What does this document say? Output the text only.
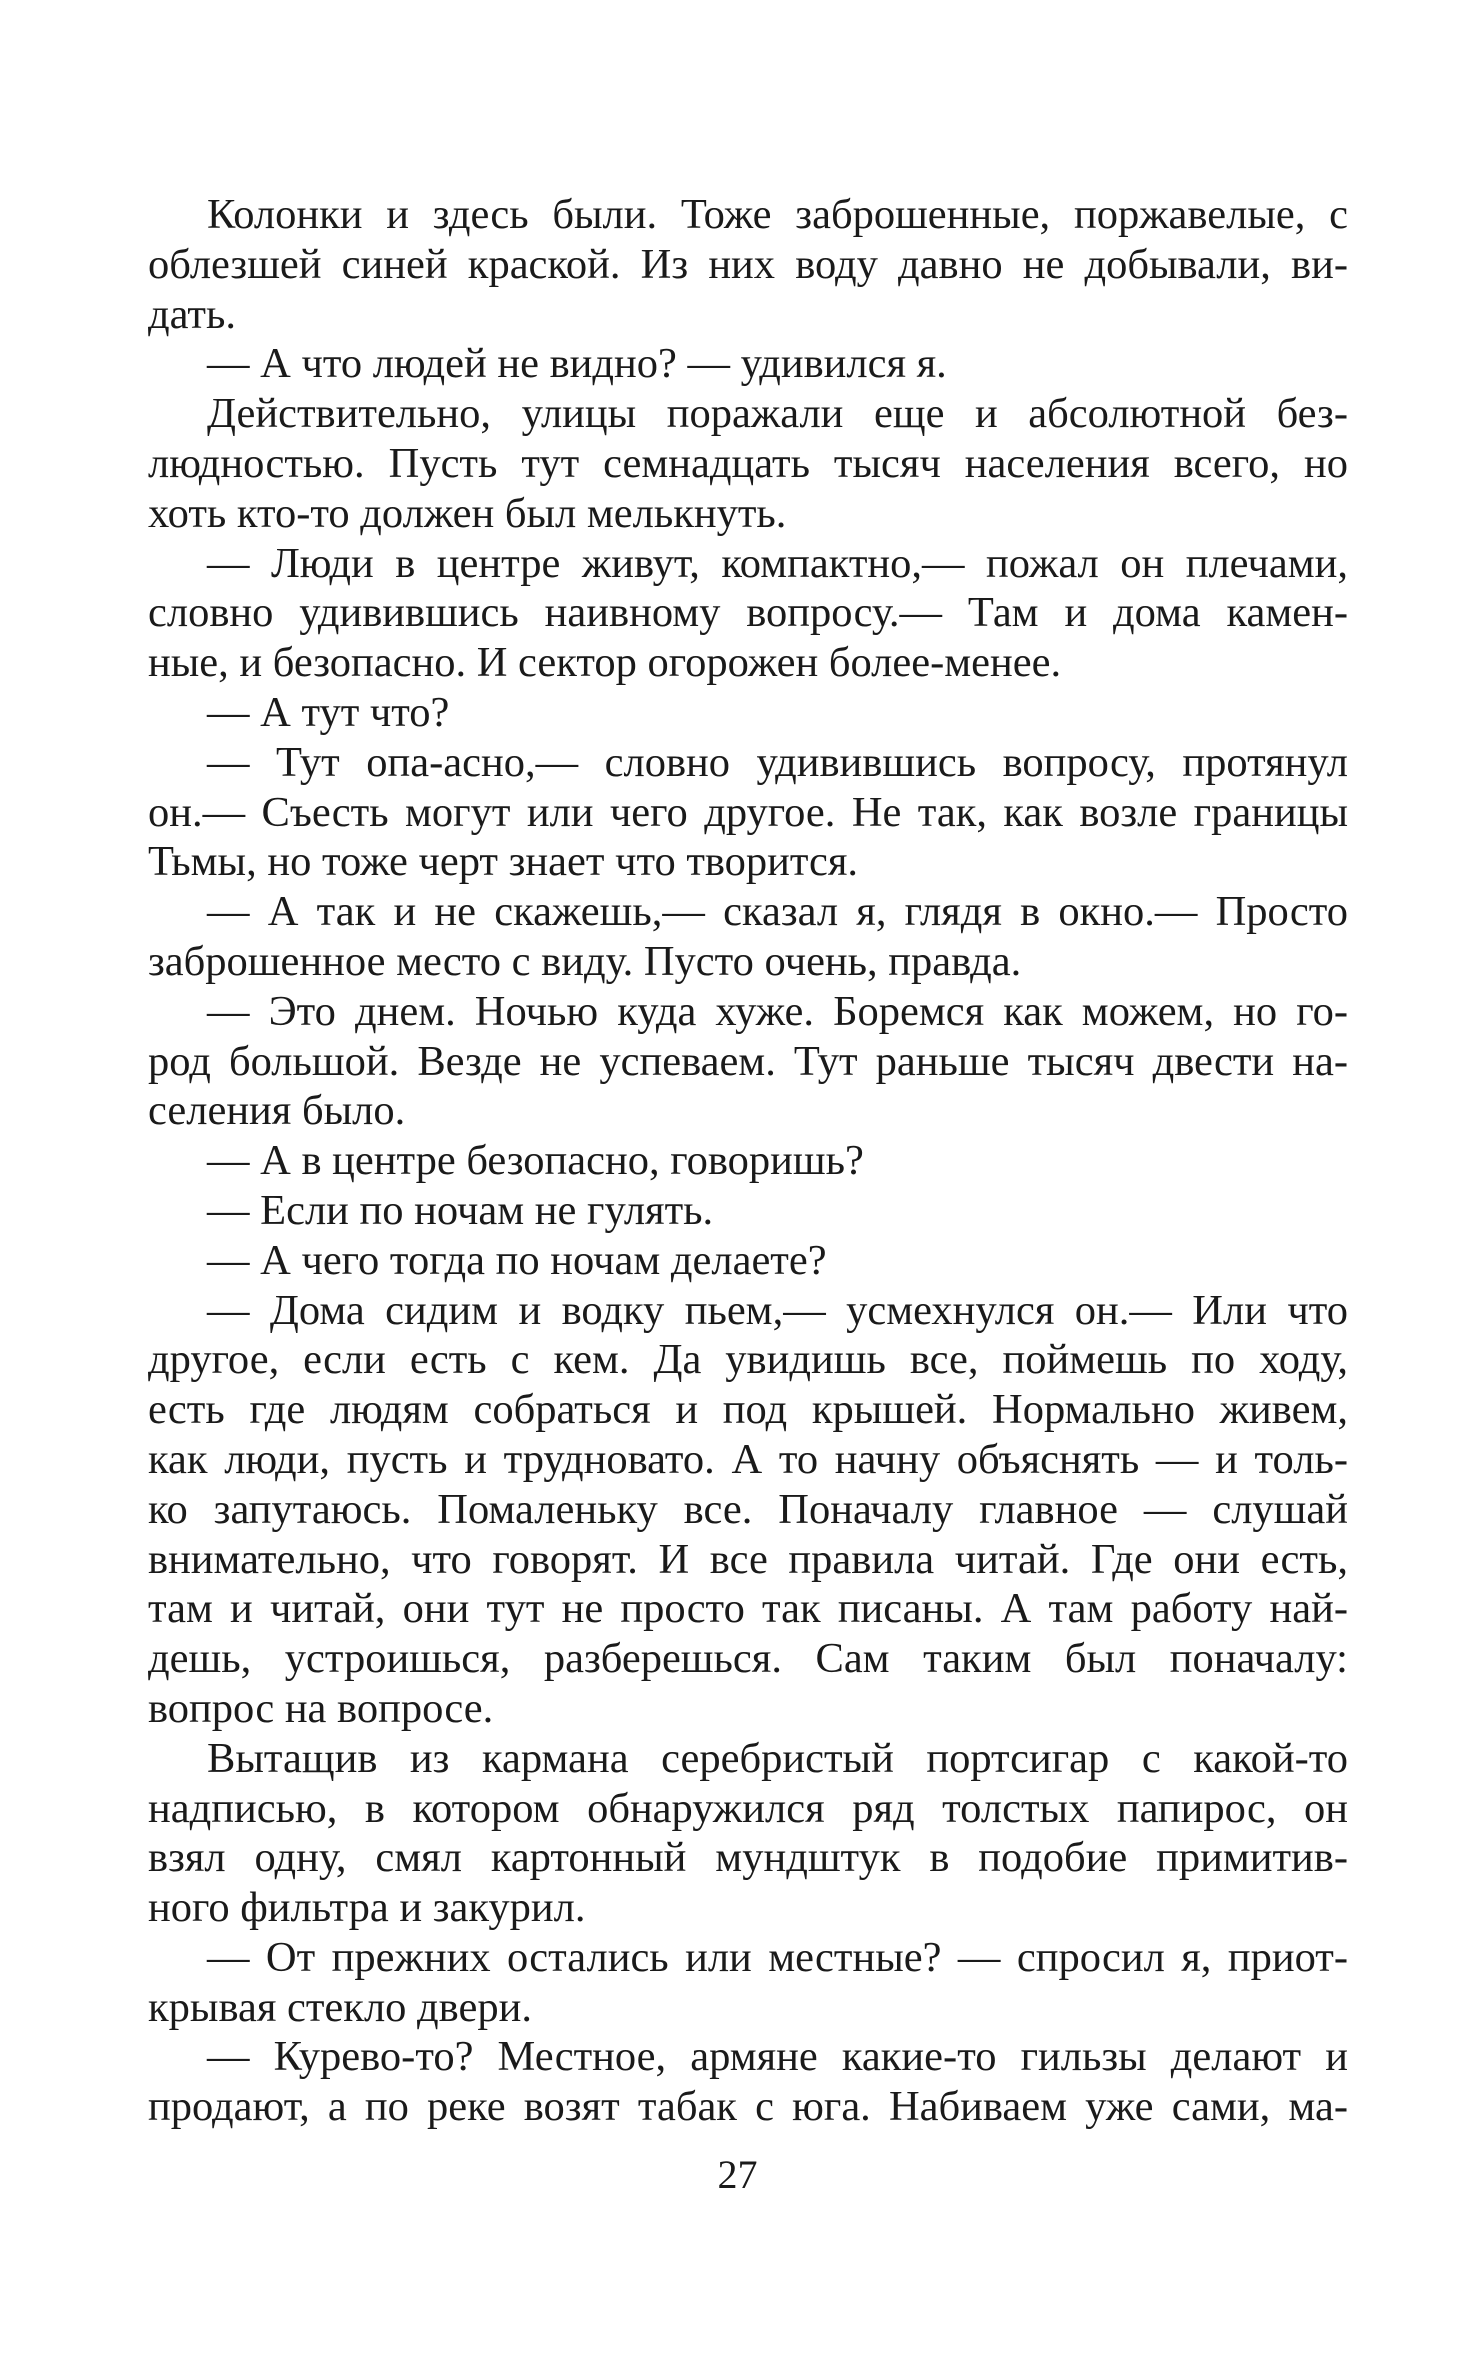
Колонки и здесь были. Тоже заброшенные, поржавелые, с
облезшей синей краской. Из них воду давно не добывали, ви-
дать.
— А что людей не видно? — удивился я.
Действительно, улицы поражали еще и абсолютной без-
людностью. Пусть тут семнадцать тысяч населения всего, но
хоть кто-то должен был мелькнуть.
— Люди в центре живут, компактно,— пожал он плечами,
словно удивившись наивному вопросу.— Там и дома камен-
ные, и безопасно. И сектор огорожен более-менее.
— А тут что?
— Тут опа-асно,— словно удивившись вопросу, протянул
он.— Съесть могут или чего другое. Не так, как возле границы
Тьмы, но тоже черт знает что творится.
— А так и не скажешь,— сказал я, глядя в окно.— Просто
заброшенное место с виду. Пусто очень, правда.
— Это днем. Ночью куда хуже. Боремся как можем, но го-
род большой. Везде не успеваем. Тут раньше тысяч двести на-
селения было.
— А в центре безопасно, говоришь?
— Если по ночам не гулять.
— А чего тогда по ночам делаете?
— Дома сидим и водку пьем,— усмехнулся он.— Или что
другое, если есть с кем. Да увидишь все, поймешь по ходу,
есть где людям собраться и под крышей. Нормально живем,
как люди, пусть и трудновато. А то начну объяснять — и толь-
ко запутаюсь. Помаленьку все. Поначалу главное — слушай
внимательно, что говорят. И все правила читай. Где они есть,
там и читай, они тут не просто так писаны. А там работу най-
дешь, устроишься, разберешься. Сам таким был поначалу:
вопрос на вопросе.
Вытащив из кармана серебристый портсигар с какой-то
надписью, в котором обнаружился ряд толстых папирос, он
взял одну, смял картонный мундштук в подобие примитив-
ного фильтра и закурил.
— От прежних остались или местные? — спросил я, приот-
крывая стекло двери.
— Курево-то? Местное, армяне какие-то гильзы делают и
продают, а по реке возят табак с юга. Набиваем уже сами, ма-
27
